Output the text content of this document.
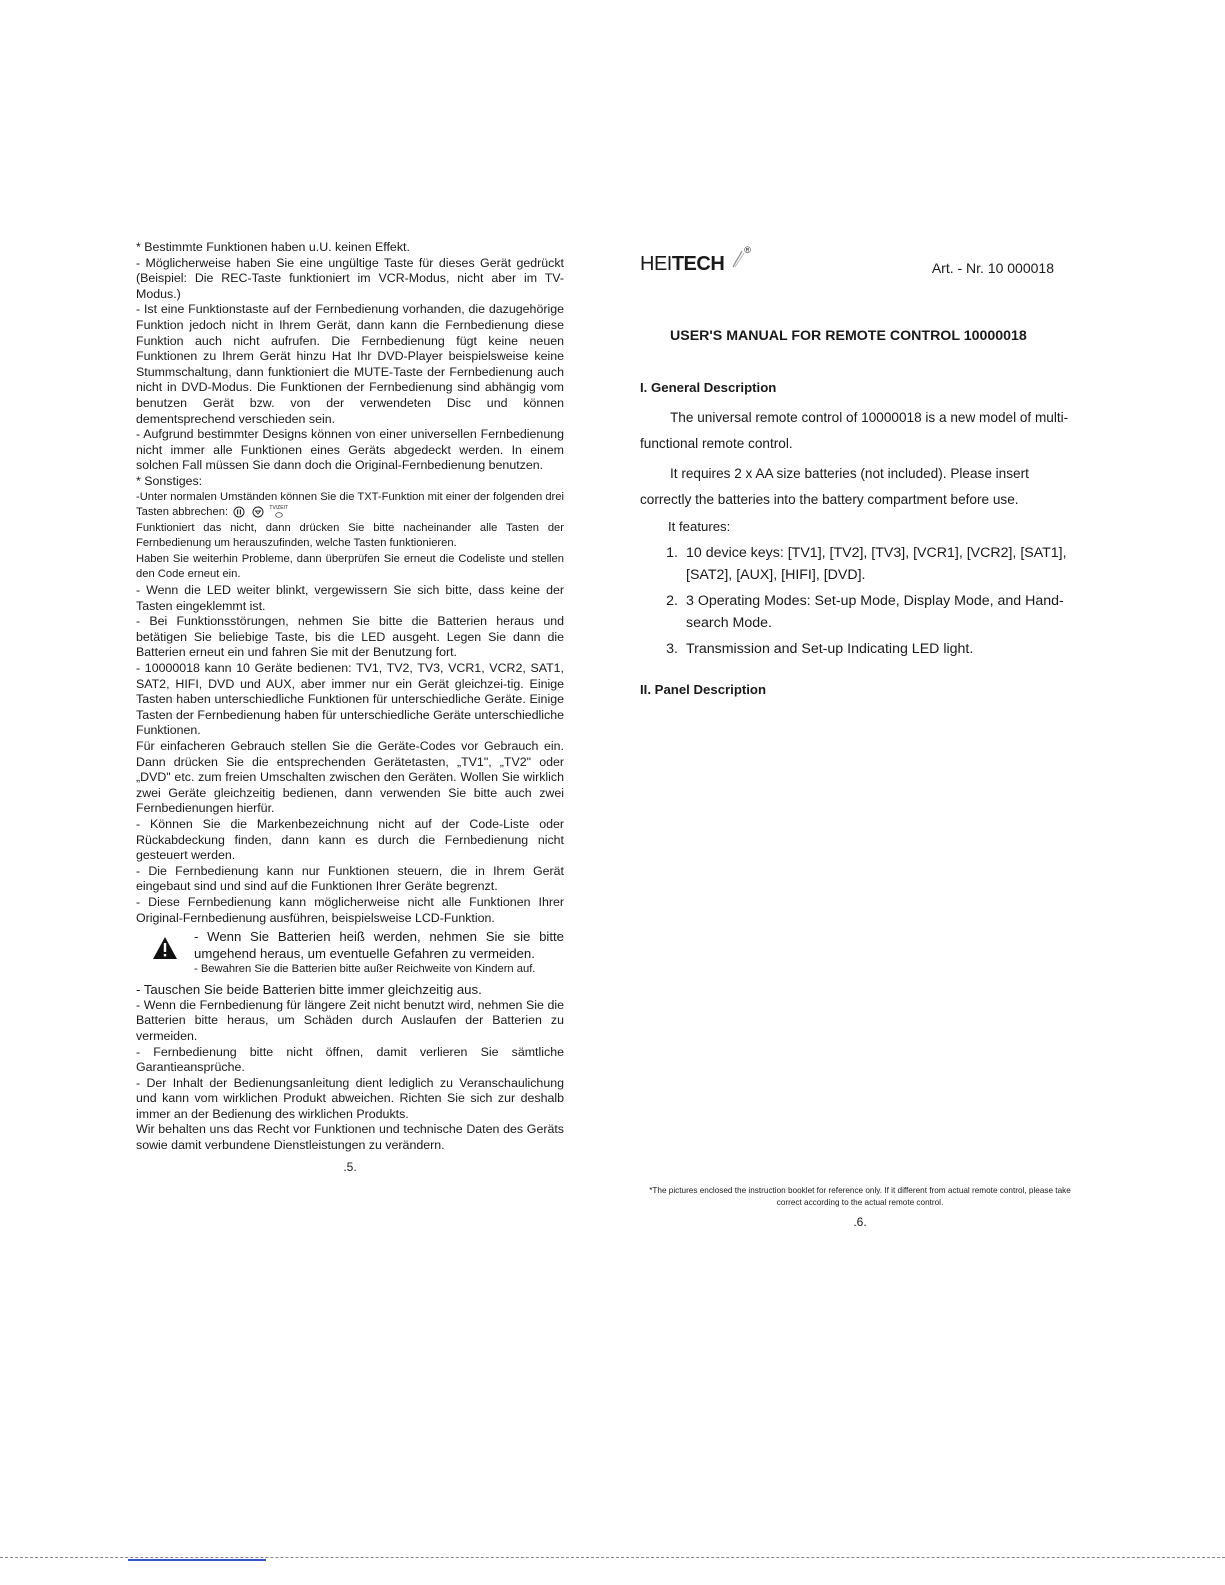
* Bestimmte Funktionen haben u.U. keinen Effekt.

- Möglicherweise haben Sie eine ungültige Taste für dieses Gerät gedrückt (Beispiel: Die REC-Taste funktioniert im VCR-Modus, nicht aber im TV-Modus.)

- Ist eine Funktionstaste auf der Fernbedienung vorhanden, die dazugehörige Funktion jedoch nicht in Ihrem Gerät, dann kann die Fernbedienung diese Funktion auch nicht aufrufen. Die Fernbedienung fügt keine neuen Funktionen zu Ihrem Gerät hinzu Hat Ihr DVD-Player beispielsweise keine Stummschaltung, dann funktioniert die MUTE-Taste der Fernbedienung auch nicht in DVD-Modus. Die Funktionen der Fernbedienung sind abhängig vom benutzen Gerät bzw. von der verwendeten Disc und können dementsprechend verschieden sein.

- Aufgrund bestimmter Designs können von einer universellen Fernbedienung nicht immer alle Funktionen eines Geräts abgedeckt werden. In einem solchen Fall müssen Sie dann doch die Original-Fernbedienung benutzen.

* Sonstiges:

-Unter normalen Umständen können Sie die TXT-Funktion mit einer der folgenden drei Tasten abbrechen:	TV/ZEIT

Funktioniert das nicht, dann drücken Sie bitte nacheinander alle Tasten der Fernbedienung um herauszufinden, welche Tasten funktionieren.

Haben Sie weiterhin Probleme, dann überprüfen Sie erneut die Codeliste und stellen den Code erneut ein.

- Wenn die LED weiter blinkt, vergewissern Sie sich bitte, dass keine der Tasten eingeklemmt ist.

- Bei Funktionsstörungen, nehmen Sie bitte die Batterien heraus und betätigen Sie beliebige Taste, bis die LED ausgeht. Legen Sie dann die Batterien erneut ein und fahren Sie mit der Benutzung fort.

- 10000018 kann 10 Geräte bedienen: TV1, TV2, TV3, VCR1, VCR2, SAT1, SAT2, HIFI, DVD und AUX, aber immer nur ein Gerät gleichzei-tig. Einige Tasten haben unterschiedliche Funktionen für unterschiedliche Geräte. Einige Tasten der Fernbedienung haben für unterschiedliche Geräte unterschiedliche Funktionen.

Für einfacheren Gebrauch stellen Sie die Geräte-Codes vor Gebrauch ein. Dann drücken Sie die entsprechenden Gerätetasten, „TV1", „TV2" oder „DVD" etc. zum freien Umschalten zwischen den Geräten. Wollen Sie wirklich zwei Geräte gleichzeitig bedienen, dann verwenden Sie bitte auch zwei Fernbedienungen hierfür.

- Können Sie die Markenbezeichnung nicht auf der Code-Liste oder Rückabdeckung finden, dann kann es durch die Fernbedienung nicht gesteuert werden.

- Die Fernbedienung kann nur Funktionen steuern, die in Ihrem Gerät eingebaut sind und sind auf die Funktionen Ihrer Geräte begrenzt.

- Diese Fernbedienung kann möglicherweise nicht alle Funktionen Ihrer Original-Fernbedienung ausführen, beispielsweise LCD-Funktion.

- Wenn Sie Batterien heiß werden, nehmen Sie sie bitte umgehend heraus, um eventuelle Gefahren zu vermeiden.

- Bewahren Sie die Batterien bitte außer Reichweite von Kindern auf.

- Tauschen Sie beide Batterien bitte immer gleichzeitig aus.

- Wenn die Fernbedienung für längere Zeit nicht benutzt wird, nehmen Sie die Batterien bitte heraus, um Schäden durch Auslaufen der Batterien zu vermeiden.

- Fernbedienung bitte nicht öffnen, damit verlieren Sie sämtliche Garantieansprüche.

- Der Inhalt der Bedienungsanleitung dient lediglich zu Veranschaulichung und kann vom wirklichen Produkt abweichen. Richten Sie sich zur deshalb immer an der Bedienung des wirklichen Produkts.

Wir behalten uns das Recht vor Funktionen und technische Daten des Geräts sowie damit verbundene Dienstleistungen zu verändern.

.5.
HEI TECH
®
Art. - Nr. 10 000018
USER'S MANUAL FOR REMOTE CONTROL 10000018
I. General Description

The universal remote control of 10000018 is a new model of multi-functional remote control.

It requires 2 x AA size batteries (not included). Please insert correctly the batteries into the battery compartment before use.

It features:
1. 10 device keys: [TV1], [TV2], [TV3], [VCR1], [VCR2], [SAT1], [SAT2], [AUX], [HIFI], [DVD].
2. 3 Operating Modes: Set-up Mode, Display Mode, and Hand-search Mode.
3. Transmission and Set-up Indicating LED light.
II. Panel Description
*The pictures enclosed the instruction booklet for reference only. If it different from actual remote control, please take correct according to the actual remote control.
.6.
